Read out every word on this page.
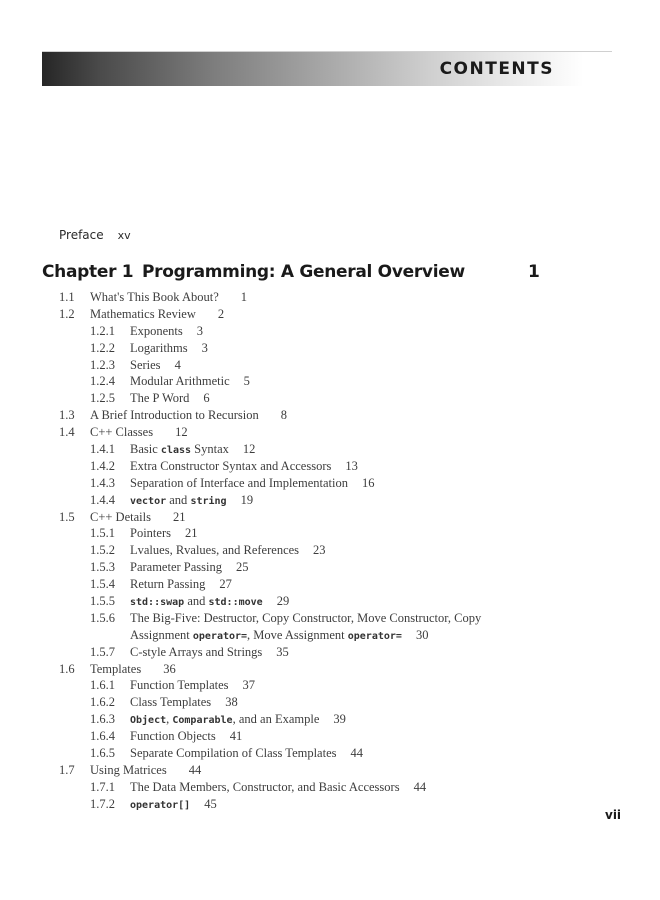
CONTENTS
Preface xv
Chapter 1 Programming: A General Overview	1
1.1 What's This Book About? 1
1.2 Mathematics Review 2
1.2.1 Exponents 3
1.2.2 Logarithms 3
1.2.3 Series 4
1.2.4 Modular Arithmetic 5
1.2.5 The P Word 6
1.3 A Brief Introduction to Recursion 8
1.4 C++ Classes 12
1.4.1 Basic class Syntax 12
1.4.2 Extra Constructor Syntax and Accessors 13
1.4.3 Separation of Interface and Implementation 16
1.4.4 vector and string 19
1.5 C++ Details 21
1.5.1 Pointers 21
1.5.2 Lvalues, Rvalues, and References 23
1.5.3 Parameter Passing 25
1.5.4 Return Passing 27
1.5.5 std::swap and std::move 29
1.5.6 The Big-Five: Destructor, Copy Constructor, Move Constructor, Copy
Assignment operator=, Move Assignment operator= 30
1.5.7 C-style Arrays and Strings 35
1.6 Templates 36
1.6.1 Function Templates 37
1.6.2 Class Templates 38
1.6.3 Object, Comparable, and an Example 39
1.6.4 Function Objects 41
1.6.5 Separate Compilation of Class Templates 44
1.7 Using Matrices 44
1.7.1 The Data Members, Constructor, and Basic Accessors 44
1.7.2 operator[] 45
vii
